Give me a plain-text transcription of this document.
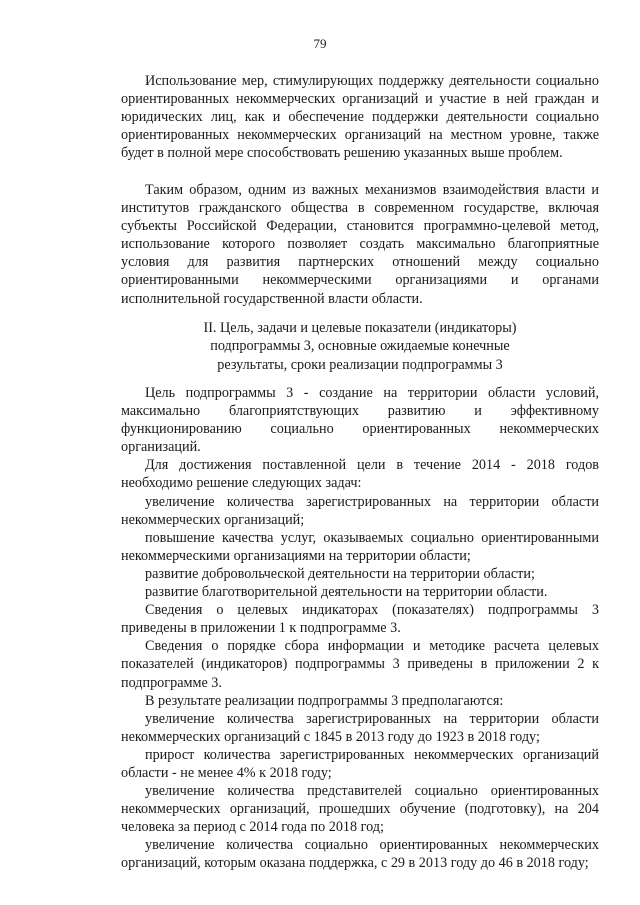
79

Использование мер, стимулирующих поддержку деятельности социально ориентированных некоммерческих организаций и участие в ней граждан и юридических лиц, как и обеспечение поддержки деятельности социально ориентированных некоммерческих организаций на местном уровне, также будет в полной мере способствовать решению указанных выше проблем.

Таким образом, одним из важных механизмов взаимодействия власти и институтов гражданского общества в современном государстве, включая субъекты Российской Федерации, становится программно-целевой метод, использование которого позволяет создать максимально благоприятные условия для развития партнерских отношений между социально ориентированными некоммерческими организациями и органами исполнительной государственной власти области.

II. Цель, задачи и целевые показатели (индикаторы)
подпрограммы 3, основные ожидаемые конечные
результаты, сроки реализации подпрограммы 3

Цель подпрограммы 3 - создание на территории области условий, максимально благоприятствующих развитию и эффективному функционированию социально ориентированных некоммерческих организаций.

Для достижения поставленной цели в течение 2014 - 2018 годов необходимо решение следующих задач:

увеличение количества зарегистрированных на территории области некоммерческих организаций;

повышение качества услуг, оказываемых социально ориентированными некоммерческими организациями на территории области;

развитие добровольческой деятельности на территории области;

развитие благотворительной деятельности на территории области.

Сведения о целевых индикаторах (показателях) подпрограммы 3 приведены в приложении 1 к подпрограмме 3.

Сведения о порядке сбора информации и методике расчета целевых показателей (индикаторов) подпрограммы 3 приведены в приложении 2 к подпрограмме 3.

В результате реализации подпрограммы 3 предполагаются:

увеличение количества зарегистрированных на территории области некоммерческих организаций с 1845 в 2013 году до 1923 в 2018 году;

прирост количества зарегистрированных некоммерческих организаций области - не менее 4% к 2018 году;

увеличение количества представителей социально ориентированных некоммерческих организаций, прошедших обучение (подготовку), на 204 человека за период с 2014 года по 2018 год;

увеличение количества социально ориентированных некоммерческих организаций, которым оказана поддержка, с 29 в 2013 году до 46 в 2018 году;
